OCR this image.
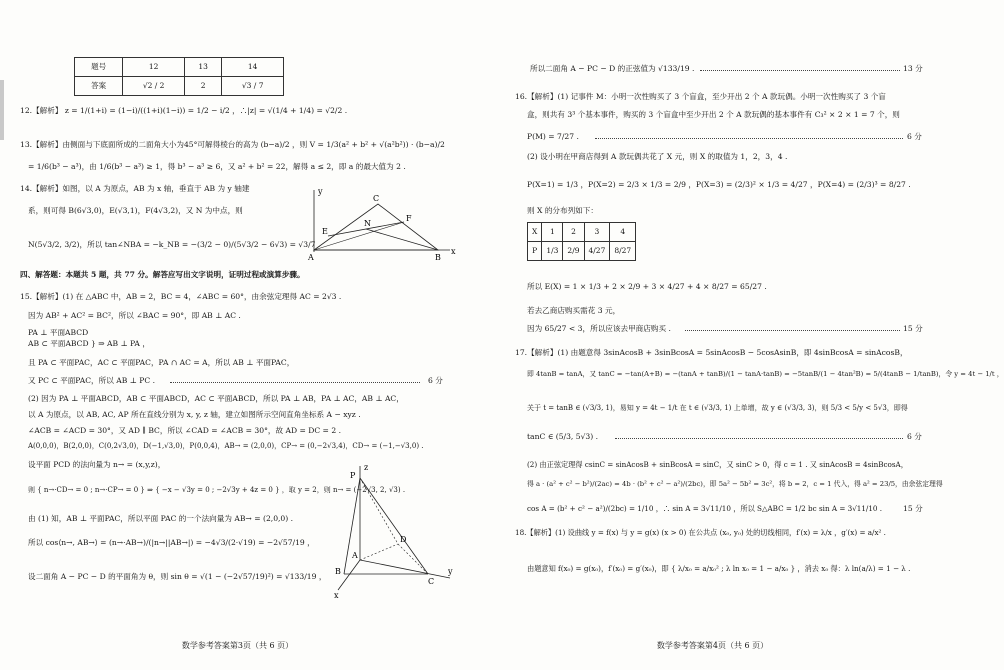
题号	12	13	14
答案	√2 / 2	2	√3 / 7
12.【解析】 z = 1/(1+i) = (1−i)/((1+i)(1−i)) = 1/2 − i/2 ，∴|z| = √(1/4 + 1/4) = √2/2 .
13.【解析】由侧面与下底面所成的二面角大小为45°可解得棱台的高为 (b−a)/2 ，则 V = 1/3(a² + b² + √(a²b²)) · (b−a)/2
= 1/6(b³ − a³)，由 1/6(b³ − a³) ≥ 1，得 b³ − a³ ≥ 6，又 a² + b² = 22，解得 a ≤ 2，即 a 的最大值为 2 .
14.【解析】如图，以 A 为原点，AB 为 x 轴，垂直于 AB 为 y 轴建
系，则可得 B(6√3,0)，E(√3,1)，F(4√3,2)，又 N 为中点，则
N(5√3/2, 3/2)，所以 tan∠NBA = −k_NB = −(3/2 − 0)/(5√3/2 − 6√3) = √3/7 .
y
C
F
N
E
A	B
x
四、解答题：本题共 5 题，共 77 分。解答应写出文字说明，证明过程或演算步骤。
15.【解析】(1) 在 △ABC 中，AB = 2，BC = 4，∠ABC = 60°，由余弦定理得 AC = 2√3 .
因为 AB² + AC² = BC²，所以 ∠BAC = 90°，即 AB ⊥ AC .
PA ⊥ 平面ABCD
AB ⊂ 平面ABCD } ⇒ AB ⊥ PA ，
且 PA ⊂ 平面PAC，AC ⊂ 平面PAC，PA ∩ AC = A，所以 AB ⊥ 平面PAC，
又 PC ⊂ 平面PAC，所以 AB ⊥ PC .	6 分
(2) 因为 PA ⊥ 平面ABCD，AB ⊂ 平面ABCD，AC ⊂ 平面ABCD，所以 PA ⊥ AB，PA ⊥ AC，AB ⊥ AC，
以 A 为原点，以 AB, AC, AP 所在直线分别为 x, y, z 轴，建立如图所示空间直角坐标系 A − xyz .
∠ACB = ∠ACD = 30°，又 AD ∥ BC，所以 ∠CAD = ∠ACB = 30°，故 AD = DC = 2 .
A(0,0,0)，B(2,0,0)，C(0,2√3,0)，D(−1,√3,0)，P(0,0,4)，AB→ = (2,0,0)，CP→ = (0,−2√3,4)，CD→ = (−1,−√3,0) .
设平面 PCD 的法向量为 n→ = (x,y,z)，
则 { n→·CD→ = 0 ; n→·CP→ = 0 } ⇒ { −x − √3y = 0 ; −2√3y + 4z = 0 } ，取 y = 2，则 n→ = (−2√3, 2, √3) .
由 (1) 知，AB ⊥ 平面PAC，所以平面 PAC 的一个法向量为 AB→ = (2,0,0) .
所以 cos⟨n→, AB→⟩ = (n→·AB→)/(|n→||AB→|) = −4√3/(2·√19) = −2√57/19 ，
设二面角 A − PC − D 的平面角为 θ，则 sin θ = √(1 − (−2√57/19)²) = √133/19 ，
z
P
A
D
B
C
y
x
数学参考答案第3页（共 6 页）
所以二面角 A − PC − D 的正弦值为 √133/19 .	13 分
16.【解析】(1) 记事件 M：小明一次性购买了 3 个盲盒，至少开出 2 个 A 款玩偶。小明一次性购买了 3 个盲
盒，则共有 3³ 个基本事件，购买的 3 个盲盒中至少开出 2 个 A 款玩偶的基本事件有 C₃² × 2 × 1 = 7 个，则
P(M) = 7/27 .	6 分
(2) 设小明在甲商店得到 A 款玩偶共花了 X 元，则 X 的取值为 1，2，3，4 .
P(X=1) = 1/3 ，P(X=2) = 2/3 × 1/3 = 2/9 ，P(X=3) = (2/3)² × 1/3 = 4/27 ，P(X=4) = (2/3)³ = 8/27 .
则 X 的分布列如下：
X	1	2	3	4
P	1/3	2/9	4/27	8/27
所以 E(X) = 1 × 1/3 + 2 × 2/9 + 3 × 4/27 + 4 × 8/27 = 65/27 .
若去乙商店购买需花 3 元，
因为 65/27 < 3，所以应该去甲商店购买 .	15 分
17.【解析】(1) 由题意得 3sinAcosB + 3sinBcosA = 5sinAcosB − 5cosAsinB，即 4sinBcosA = sinAcosB，
即 4tanB = tanA，又 tanC = −tan(A+B) = −(tanA + tanB)/(1 − tanA·tanB) = −5tanB/(1 − 4tan²B) = 5/(4tanB − 1/tanB)，令 y = 4t − 1/t ，
关于 t = tanB ∈ (√3/3, 1)，易知 y = 4t − 1/t 在 t ∈ (√3/3, 1) 上单增，故 y ∈ (√3/3, 3)，则 5/3 < 5/y < 5√3，即得
tanC ∈ (5/3, 5√3) .	6 分
(2) 由正弦定理得 csinC = sinAcosB + sinBcosA = sinC，又 sinC > 0，得 c = 1 . 又 sinAcosB = 4sinBcosA，
得 a · (a² + c² − b²)/(2ac) = 4b · (b² + c² − a²)/(2bc)，即 5a² − 5b² = 3c²，将 b = 2，c = 1 代入，得 a² = 23/5，由余弦定理得
cos A = (b² + c² − a²)/(2bc) = 1/10 ，∴ sin A = 3√11/10 ，所以 S△ABC = 1/2 bc sin A = 3√11/10 .	15 分
18.【解析】(1) 设曲线 y = f(x) 与 y = g(x) (x > 0) 在公共点 (x₀, y₀) 处的切线相同，f′(x) = λ/x ，g′(x) = a/x² .
由题意知 f(x₀) = g(x₀)，f′(x₀) = g′(x₀)，即 { λ/x₀ = a/x₀² ; λ ln x₀ = 1 − a/x₀ } ，消去 x₀ 得：λ ln(a/λ) = 1 − λ .
数学参考答案第4页（共 6 页）
